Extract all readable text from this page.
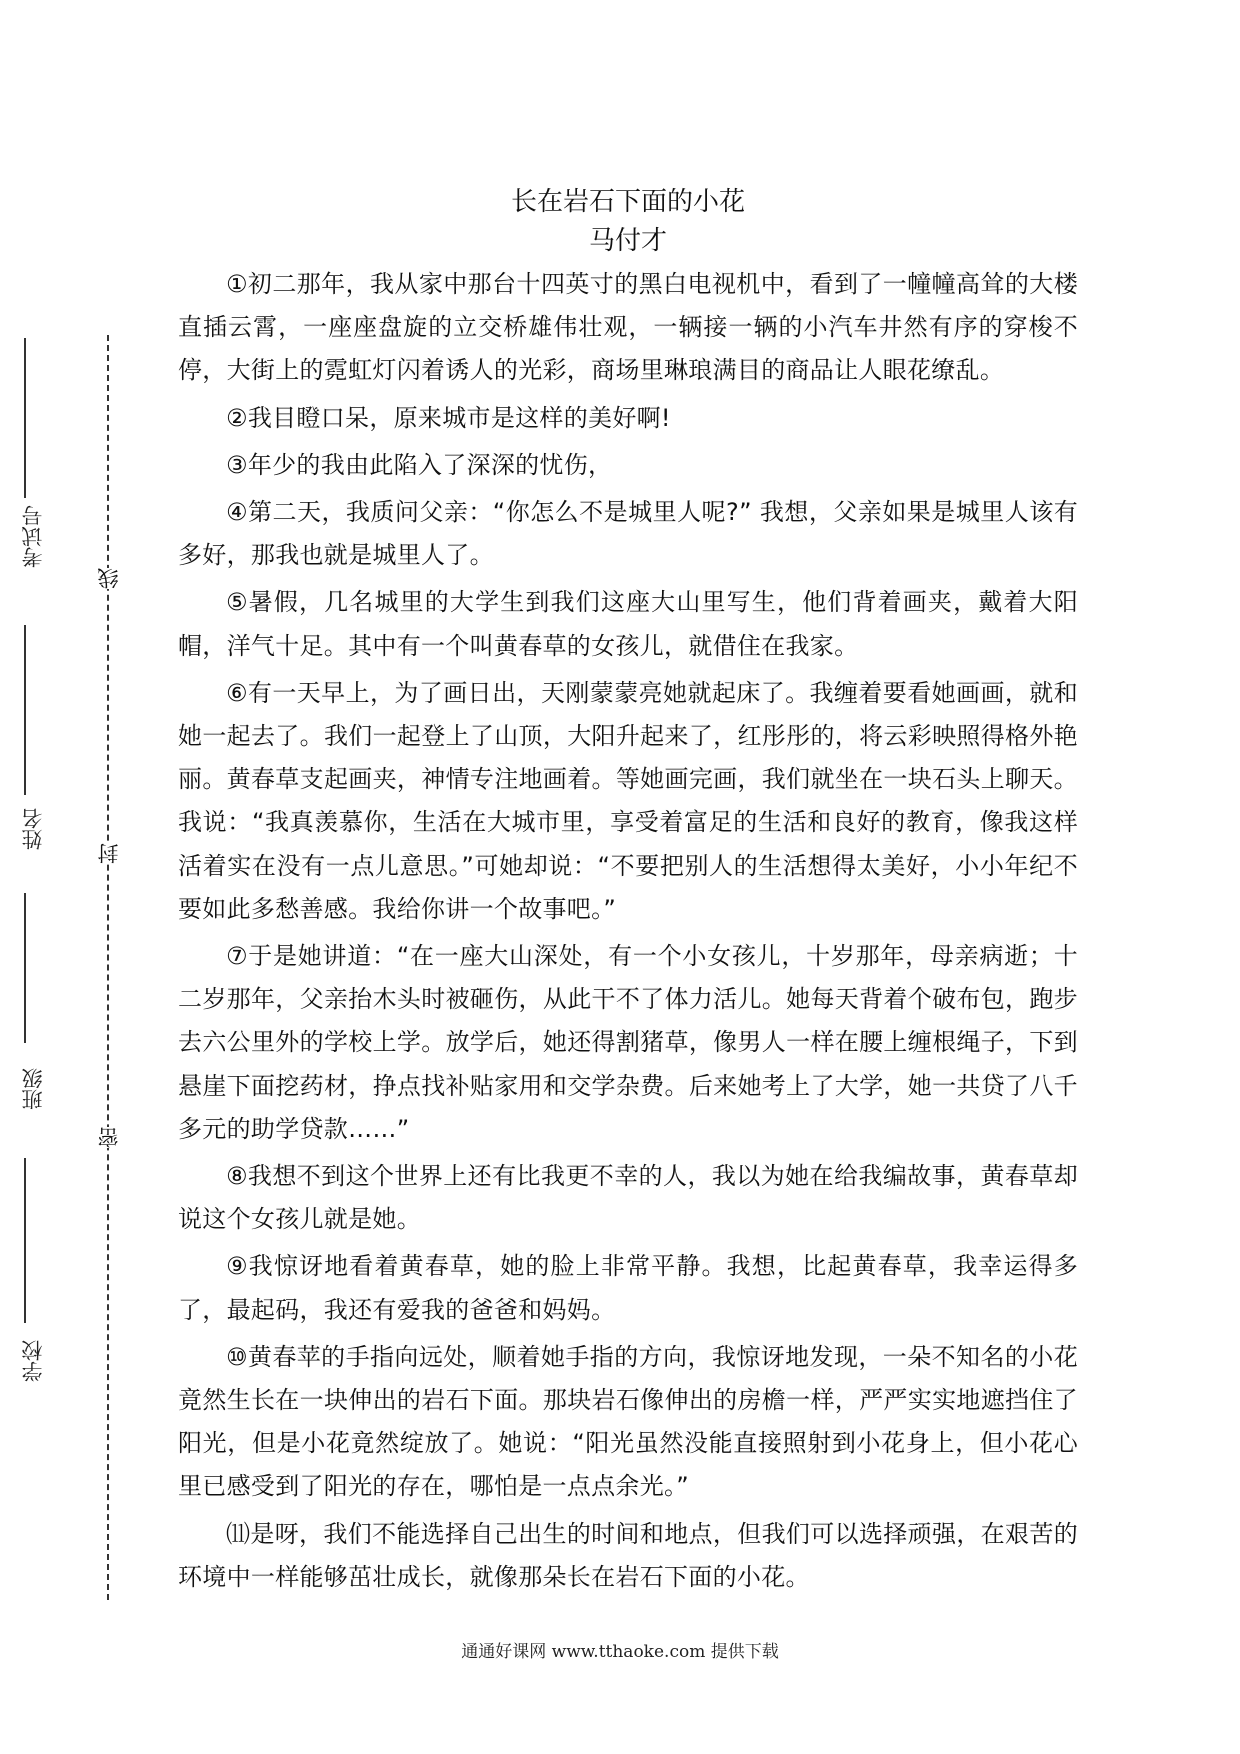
考试号
姓名
班级
学校
线
封
密
长在岩石下面的小花
马付才

①初二那年，我从家中那台十四英寸的黑白电视机中，看到了一幢幢高耸的大楼直插云霄，一座座盘旋的立交桥雄伟壮观，一辆接一辆的小汽车井然有序的穿梭不停，大街上的霓虹灯闪着诱人的光彩，商场里琳琅满目的商品让人眼花缭乱。

②我目瞪口呆，原来城市是这样的美好啊!

③年少的我由此陷入了深深的忧伤，

④第二天，我质问父亲：“你怎么不是城里人呢?” 我想，父亲如果是城里人该有多好，那我也就是城里人了。

⑤暑假，几名城里的大学生到我们这座大山里写生，他们背着画夹，戴着大阳帽，洋气十足。其中有一个叫黄春草的女孩儿，就借住在我家。

⑥有一天早上，为了画日出，天刚蒙蒙亮她就起床了。我缠着要看她画画，就和她一起去了。我们一起登上了山顶，大阳升起来了，红彤彤的，将云彩映照得格外艳丽。黄春草支起画夹，神情专注地画着。等她画完画，我们就坐在一块石头上聊天。我说：“我真羡慕你，生活在大城市里，享受着富足的生活和良好的教育，像我这样活着实在没有一点儿意思。”可她却说：“不要把别人的生活想得太美好，小小年纪不要如此多愁善感。我给你讲一个故事吧。”

⑦于是她讲道：“在一座大山深处，有一个小女孩儿，十岁那年，母亲病逝；十二岁那年，父亲抬木头时被砸伤，从此干不了体力活儿。她每天背着个破布包，跑步去六公里外的学校上学。放学后，她还得割猪草，像男人一样在腰上缠根绳子，下到悬崖下面挖药材，挣点找补贴家用和交学杂费。后来她考上了大学，她一共贷了八千多元的助学贷款……”

⑧我想不到这个世界上还有比我更不幸的人，我以为她在给我编故事，黄春草却说这个女孩儿就是她。

⑨我惊讶地看着黄春草，她的脸上非常平静。我想，比起黄春草，我幸运得多了，最起码，我还有爱我的爸爸和妈妈。

⑩黄春苹的手指向远处，顺着她手指的方向，我惊讶地发现，一朵不知名的小花竟然生长在一块伸出的岩石下面。那块岩石像伸出的房檐一样，严严实实地遮挡住了阳光，但是小花竟然绽放了。她说：“阳光虽然没能直接照射到小花身上，但小花心里已感受到了阳光的存在，哪怕是一点点余光。”

⑾是呀，我们不能选择自己出生的时间和地点，但我们可以选择顽强，在艰苦的环境中一样能够茁壮成长，就像那朵长在岩石下面的小花。

通通好课网 www.tthaoke.com 提供下载
